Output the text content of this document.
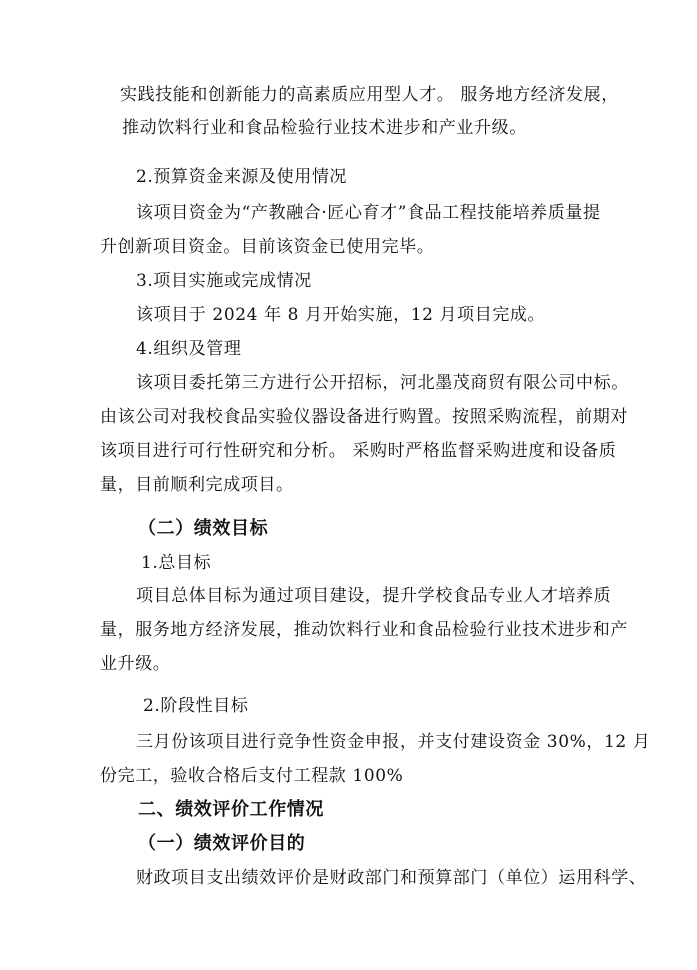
实践技能和创新能力的高素质应用型人才。 服务地方经济发展，
推动饮料行业和食品检验行业技术进步和产业升级。
2.预算资金来源及使用情况
该项目资金为“产教融合·匠心育才”食品工程技能培养质量提
升创新项目资金。目前该资金已使用完毕。
3.项目实施或完成情况
该项目于 2024 年 8 月开始实施，12 月项目完成。
4.组织及管理
该项目委托第三方进行公开招标，河北墨茂商贸有限公司中标。
由该公司对我校食品实验仪器设备进行购置。按照采购流程，前期对
该项目进行可行性研究和分析。 采购时严格监督采购进度和设备质
量，目前顺利完成项目。
（二）绩效目标
1.总目标
项目总体目标为通过项目建设，提升学校食品专业人才培养质
量，服务地方经济发展，推动饮料行业和食品检验行业技术进步和产
业升级。
2.阶段性目标
三月份该项目进行竞争性资金申报，并支付建设资金 30%，12 月
份完工，验收合格后支付工程款 100%
二、绩效评价工作情况
（一）绩效评价目的
财政项目支出绩效评价是财政部门和预算部门（单位）运用科学、
